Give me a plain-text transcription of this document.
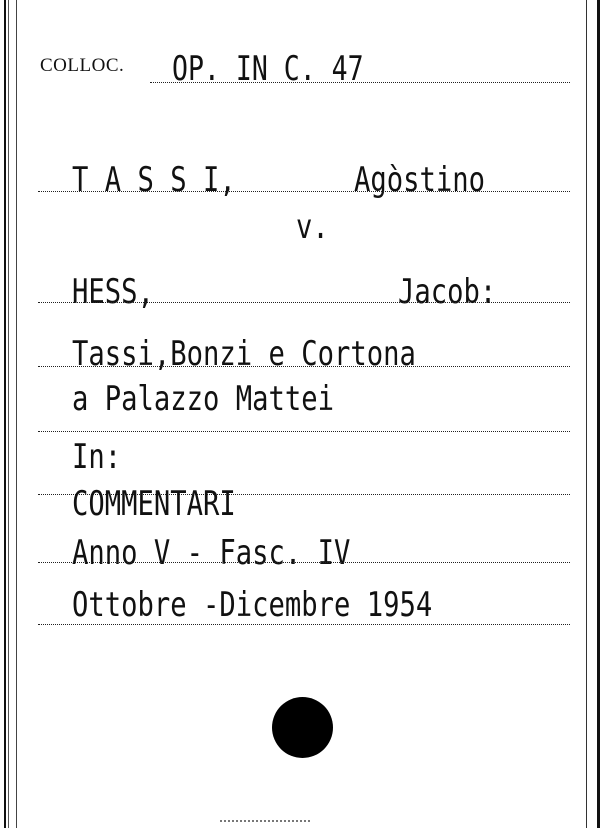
COLLOC. OP. IN C. 47
T A S S I,	Agòstino
v.
HESS,	Jacob:
Tassi,Bonzi e Cortona
a Palazzo Mattei
In:
COMMENTARI
Anno V - Fasc. IV
Ottobre -Dicembre 1954
